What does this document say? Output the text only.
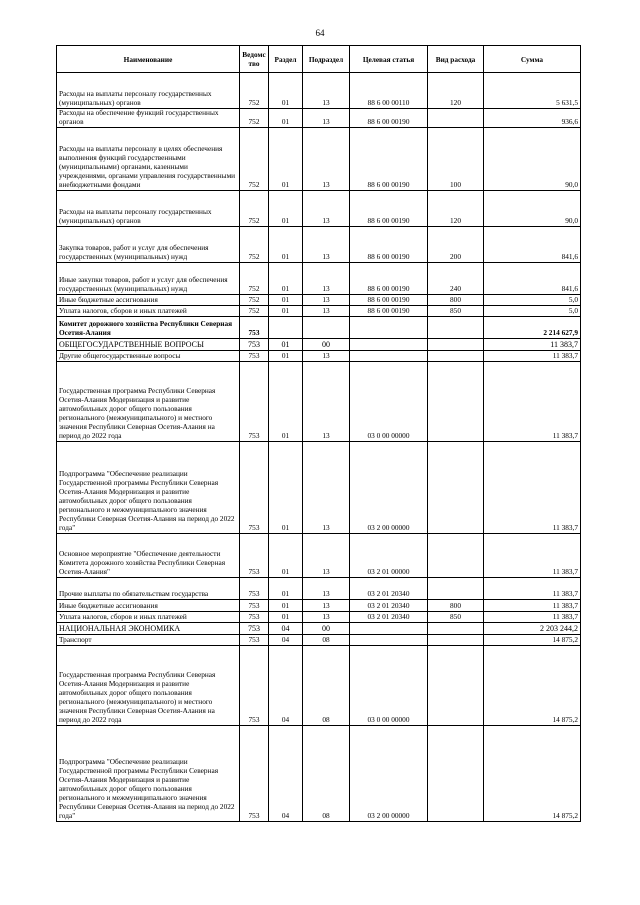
64
Наименование	Ведомство	Раздел	Подраздел	Целевая статья	Вид расхода	Сумма
Расходы на выплаты персоналу государственных (муниципальных) органов	752	01	13	88 6 00 00110	120	5 631,5
Расходы на обеспечение функций государственных органов	752	01	13	88 6 00 00190		936,6
Расходы на выплаты персоналу в целях обеспечения выполнения функций государственными (муниципальными) органами, казенными учреждениями, органами управления государственными внебюджетными фондами	752	01	13	88 6 00 00190	100	90,0
Расходы на выплаты персоналу государственных (муниципальных) органов	752	01	13	88 6 00 00190	120	90,0
Закупка товаров, работ и услуг для обеспечения государственных (муниципальных) нужд	752	01	13	88 6 00 00190	200	841,6
Иные закупки товаров, работ и услуг для обеспечения государственных (муниципальных) нужд	752	01	13	88 6 00 00190	240	841,6
Иные бюджетные ассигнования	752	01	13	88 6 00 00190	800	5,0
Уплата налогов, сборов и иных платежей	752	01	13	88 6 00 00190	850	5,0
Комитет дорожного хозяйства Республики Северная Осетия-Алания	753					2 214 627,9
ОБЩЕГОСУДАРСТВЕННЫЕ ВОПРОСЫ	753	01	00			11 383,7
Другие общегосударственные вопросы	753	01	13			11 383,7
Государственная программа Республики Северная Осетия-Алания Модернизация и развитие автомобильных дорог общего пользования регионального (межмуниципального) и местного значения Республики Северная Осетия-Алания на период до 2022 года	753	01	13	03 0 00 00000		11 383,7
Подпрограмма "Обеспечение реализации Государственной программы Республики Северная Осетия-Алания Модернизация и развитие автомобильных дорог общего пользования регионального и межмуниципального значения Республики Северная Осетия-Алания на период до 2022 года"	753	01	13	03 2 00 00000		11 383,7
Основное мероприятие "Обеспечение деятельности Комитета дорожного хозяйства Республики Северная Осетия-Алания"	753	01	13	03 2 01 00000		11 383,7
Прочие выплаты по обязательствам государства	753	01	13	03 2 01 20340		11 383,7
Иные бюджетные ассигнования	753	01	13	03 2 01 20340	800	11 383,7
Уплата налогов, сборов и иных платежей	753	01	13	03 2 01 20340	850	11 383,7
НАЦИОНАЛЬНАЯ ЭКОНОМИКА	753	04	00			2 203 244,2
Транспорт	753	04	08			14 875,2
Государственная программа Республики Северная Осетия-Алания Модернизация и развитие автомобильных дорог общего пользования регионального (межмуниципального) и местного значения Республики Северная Осетия-Алания на период до 2022 года	753	04	08	03 0 00 00000		14 875,2
Подпрограмма "Обеспечение реализации Государственной программы Республики Северная Осетия-Алания Модернизация и развитие автомобильных дорог общего пользования регионального и межмуниципального значения Республики Северная Осетия-Алания на период до 2022 года"	753	04	08	03 2 00 00000		14 875,2
